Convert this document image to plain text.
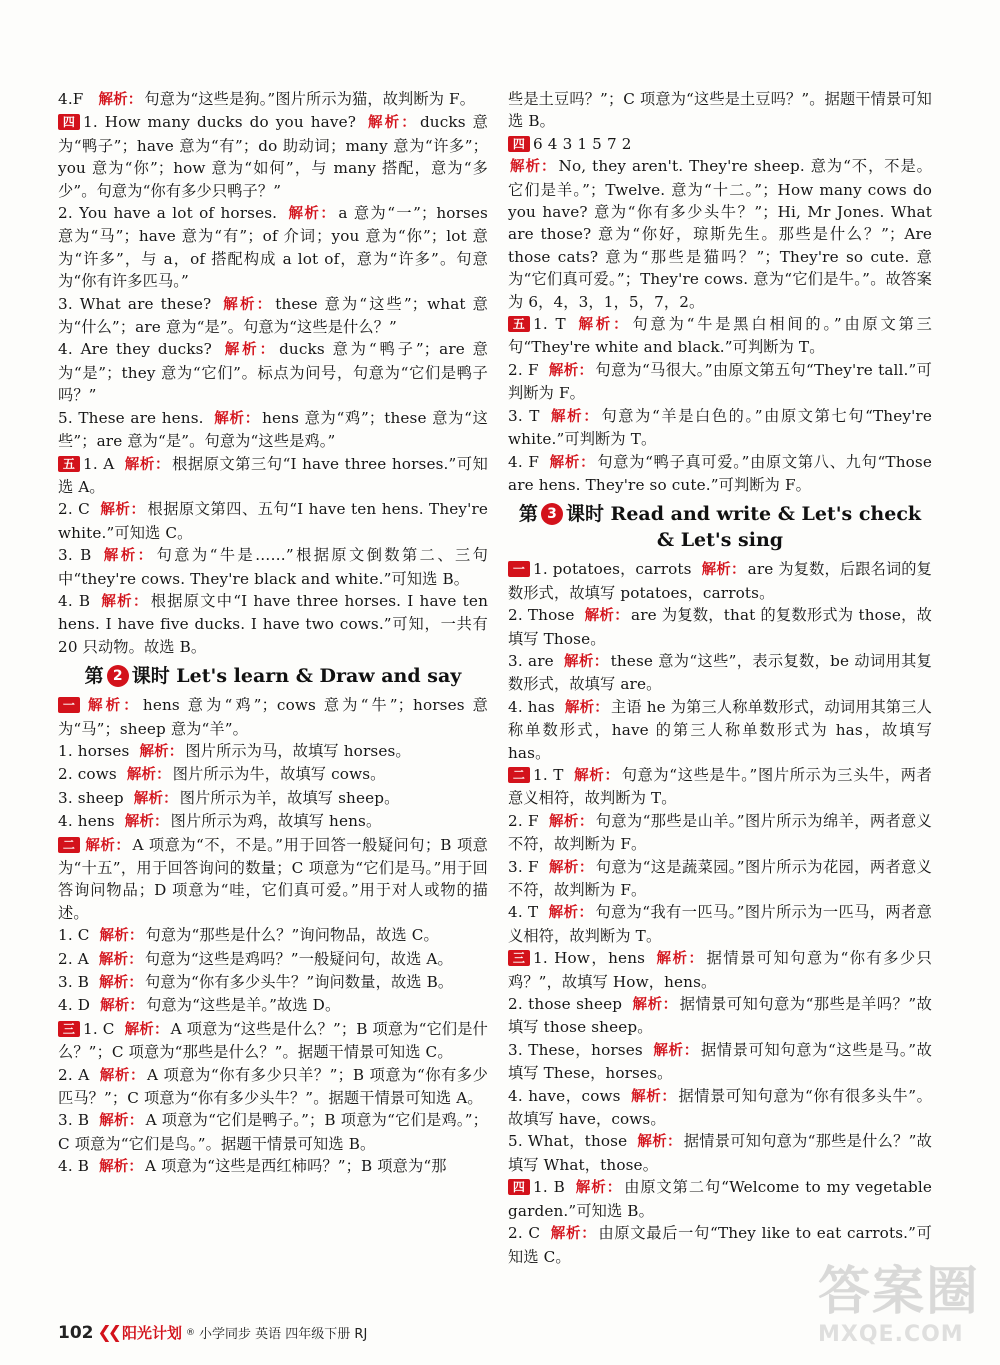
4.F 解析： 句意为“这些是狗。”图片所示为猫，故判断为 F。

四 1. How many ducks do you have? 解析： ducks 意为“鸭子”；have 意为“有”；do 助动词；many 意为“许多”；you 意为“你”；how 意为“如何”，与 many 搭配，意为“多少”。句意为“你有多少只鸭子？”

2. You have a lot of horses. 解析： a 意为“一”；horses 意为“马”；have 意为“有”；of 介词；you 意为“你”；lot 意为“许多”，与 a，of 搭配构成 a lot of，意为“许多”。句意为“你有许多匹马。”

3. What are these? 解析： these 意为“这些”；what 意为“什么”；are 意为“是”。句意为“这些是什么？”

4. Are they ducks? 解析： ducks 意为“鸭子”；are 意为“是”；they 意为“它们”。标点为问号，句意为“它们是鸭子吗？”

5. These are hens. 解析： hens 意为“鸡”；these 意为“这些”；are 意为“是”。句意为“这些是鸡。”

五 1. A 解析： 根据原文第三句“I have three horses.”可知选 A。

2. C 解析： 根据原文第四、五句“I have ten hens. They're white.”可知选 C。

3. B 解析： 句意为“牛是……”根据原文倒数第二、三句中“they're cows. They're black and white.”可知选 B。

4. B 解析： 根据原文中“I have three horses. I have ten hens. I have five ducks. I have two cows.”可知，一共有 20 只动物。故选 B。

第 2 课时 Let's learn & Draw and say

一 解析： hens 意为“鸡”；cows 意为“牛”；horses 意为“马”；sheep 意为“羊”。

1. horses 解析： 图片所示为马，故填写 horses。

2. cows 解析： 图片所示为牛，故填写 cows。

3. sheep 解析： 图片所示为羊，故填写 sheep。

4. hens 解析： 图片所示为鸡，故填写 hens。

二 解析： A 项意为“不，不是。”用于回答一般疑问句；B 项意为“十五”，用于回答询问的数量；C 项意为“它们是马。”用于回答询问物品；D 项意为“哇，它们真可爱。”用于对人或物的描述。

1. C 解析： 句意为“那些是什么？”询问物品，故选 C。

2. A 解析： 句意为“这些是鸡吗？”一般疑问句，故选 A。

3. B 解析： 句意为“你有多少头牛？”询问数量，故选 B。

4. D 解析： 句意为“这些是羊。”故选 D。

三 1. C 解析： A 项意为“这些是什么？”；B 项意为“它们是什么？”；C 项意为“那些是什么？”。据题干情景可知选 C。

2. A 解析： A 项意为“你有多少只羊？”；B 项意为“你有多少匹马？”；C 项意为“你有多少头牛？”。据题干情景可知选 A。

3. B 解析： A 项意为“它们是鸭子。”；B 项意为“它们是鸡。”；C 项意为“它们是鸟。”。据题干情景可知选 B。

4. B 解析： A 项意为“这些是西红柿吗？”；B 项意为“那

些是土豆吗？”；C 项意为“这些是土豆吗？”。据题干情景可知选 B。

四 6 4 3 1 5 7 2

解析： No, they aren't. They're sheep. 意为“不，不是。它们是羊。”；Twelve. 意为“十二。”；How many cows do you have? 意为“你有多少头牛？”；Hi, Mr Jones. What are those? 意为“你好，琼斯先生。那些是什么？”；Are those cats? 意为“那些是猫吗？”；They're so cute. 意为“它们真可爱。”；They're cows. 意为“它们是牛。”。故答案为 6，4，3，1，5，7，2。

五 1. T 解析： 句意为“牛是黑白相间的。”由原文第三句“They're white and black.”可判断为 T。

2. F 解析： 句意为“马很大。”由原文第五句“They're tall.”可判断为 F。

3. T 解析： 句意为“羊是白色的。”由原文第七句“They're white.”可判断为 T。

4. F 解析： 句意为“鸭子真可爱。”由原文第八、九句“Those are hens. They're so cute.”可判断为 F。

第 3 课时 Read and write & Let's check & Let's sing

一 1. potatoes，carrots 解析： are 为复数，后跟名词的复数形式，故填写 potatoes，carrots。

2. Those 解析： are 为复数，that 的复数形式为 those，故填写 Those。

3. are 解析： these 意为“这些”，表示复数，be 动词用其复数形式，故填写 are。

4. has 解析： 主语 he 为第三人称单数形式，动词用其第三人称单数形式，have 的第三人称单数形式为 has，故填写 has。

二 1. T 解析： 句意为“这些是牛。”图片所示为三头牛，两者意义相符，故判断为 T。

2. F 解析： 句意为“那些是山羊。”图片所示为绵羊，两者意义不符，故判断为 F。

3. F 解析： 句意为“这是蔬菜园。”图片所示为花园，两者意义不符，故判断为 F。

4. T 解析： 句意为“我有一匹马。”图片所示为一匹马，两者意义相符，故判断为 T。

三 1. How，hens 解析： 据情景可知句意为“你有多少只鸡？”，故填写 How，hens。

2. those sheep 解析： 据情景可知句意为“那些是羊吗？”故填写 those sheep。

3. These，horses 解析： 据情景可知句意为“这些是马。”故填写 These，horses。

4. have，cows 解析： 据情景可知句意为“你有很多头牛”。故填写 have，cows。

5. What，those 解析： 据情景可知句意为“那些是什么？”故填写 What，those。

四 1. B 解析： 由原文第二句“Welcome to my vegetable garden.”可知选 B。

2. C 解析： 由原文最后一句“They like to eat carrots.”可知选 C。

102 ❮❮ 阳光计划 ® 小学同步 英语 四年级下册 RJ
答案圈
MXQE.COM
